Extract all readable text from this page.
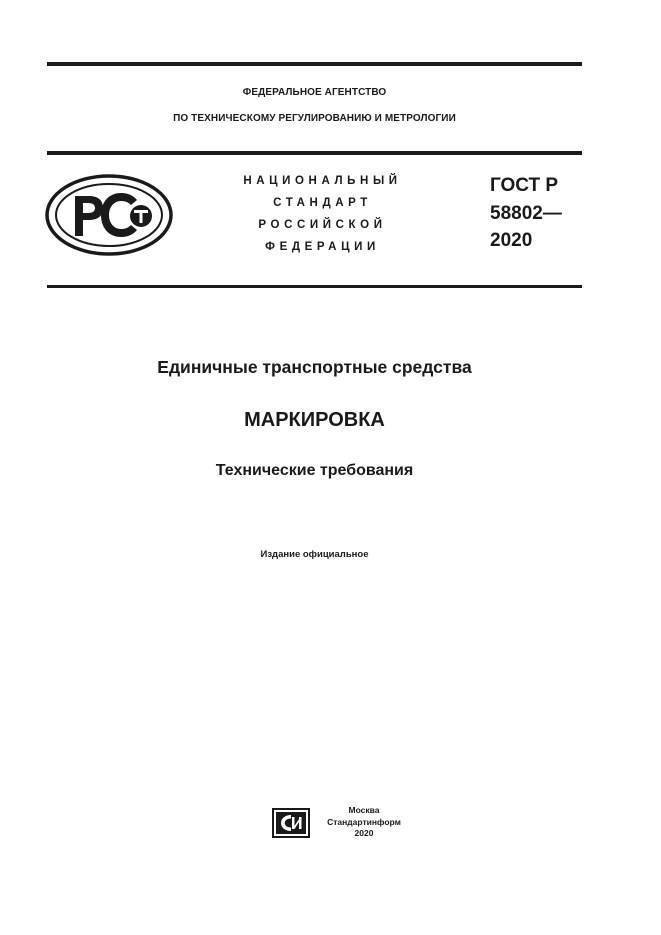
ФЕДЕРАЛЬНОЕ АГЕНТСТВО
ПО ТЕХНИЧЕСКОМУ РЕГУЛИРОВАНИЮ И МЕТРОЛОГИИ
НАЦИОНАЛЬНЫЙ
СТАНДАРТ
РОССИЙСКОЙ
ФЕДЕРАЦИИ
ГОСТ Р
58802—
2020
Единичные транспортные средства
МАРКИРОВКА
Технические требования
Издание официальное
Москва
Стандартинформ
2020
